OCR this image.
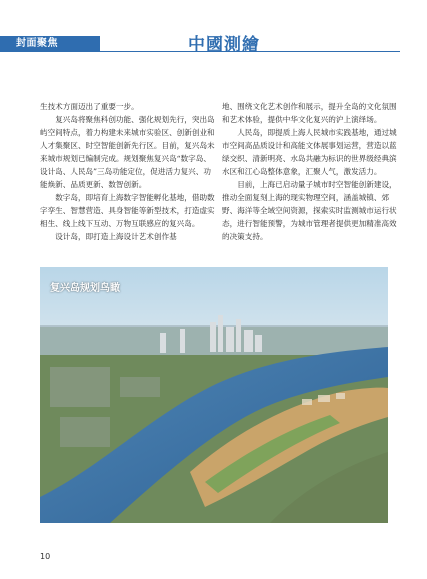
封面聚焦	中國測繪

生技术方面迈出了重要一步。

复兴岛将聚焦科创功能、强化规划先行，突出岛屿空间特点，着力构建未来城市实验区、创新创业和人才集聚区、时空智能创新先行区。目前，复兴岛未来城市规划已编制完成。规划聚焦复兴岛“数字岛、设计岛、人民岛”三岛功能定位，促进活力复兴、功能焕新、品质更新、数智创新。

数字岛，即培育上海数字智能孵化基地，借助数字孪生、智慧营造、具身智能等新型技术，打造虚实相生、线上线下互动、万物互联感应的复兴岛。

设计岛，即打造上海设计艺术创作基

地、围绕文化艺术创作和展示，提升全岛的文化氛围和艺术体验，提供中华文化复兴的沪上演绎场。

人民岛，即提质上海人民城市实践基地，通过城市空间高品质设计和高能文体展事划运营，营造以蓝绿交织、清新明亮、水岛共融为标识的世界级经典滨水区和江心岛整体意象，汇聚人气，激发活力。

目前，上海已启动量子城市时空智能创新建设，推动全面复刻上海的现实物理空间，涵盖城镇、郊野、海洋等全域空间资源，探索实时监测城市运行状态，进行智能预警，为城市管理者提供更加精准高效的决策支持。

复兴岛规划鸟瞰
10
